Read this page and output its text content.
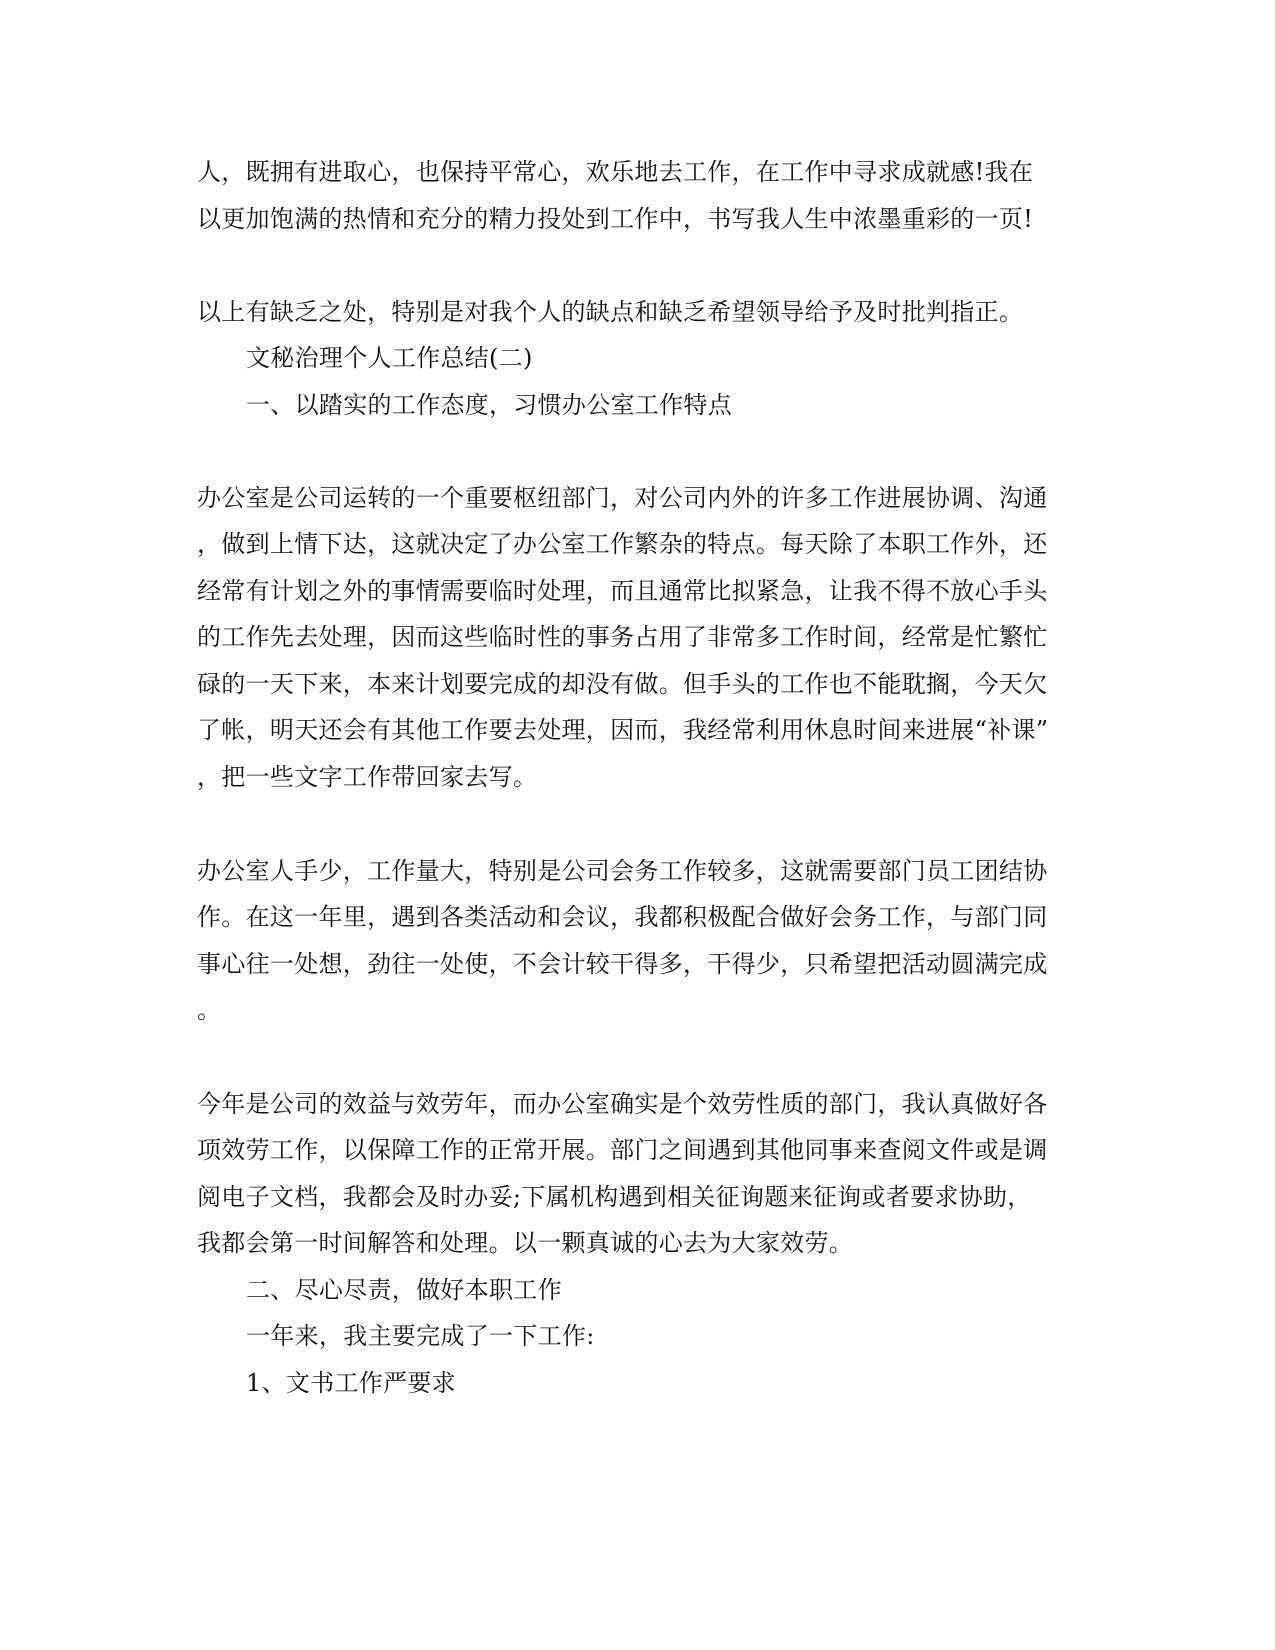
人，既拥有进取心，也保持平常心，欢乐地去工作，在工作中寻求成就感!我在

以更加饱满的热情和充分的精力投处到工作中，书写我人生中浓墨重彩的一页!

以上有缺乏之处，特别是对我个人的缺点和缺乏希望领导给予及时批判指正。

文秘治理个人工作总结(二)

一、以踏实的工作态度，习惯办公室工作特点

办公室是公司运转的一个重要枢纽部门，对公司内外的许多工作进展协调、沟通

，做到上情下达，这就决定了办公室工作繁杂的特点。每天除了本职工作外，还

经常有计划之外的事情需要临时处理，而且通常比拟紧急，让我不得不放心手头

的工作先去处理，因而这些临时性的事务占用了非常多工作时间，经常是忙繁忙

碌的一天下来，本来计划要完成的却没有做。但手头的工作也不能耽搁，今天欠

了帐，明天还会有其他工作要去处理，因而，我经常利用休息时间来进展“补课”

，把一些文字工作带回家去写。

办公室人手少，工作量大，特别是公司会务工作较多，这就需要部门员工团结协

作。在这一年里，遇到各类活动和会议，我都积极配合做好会务工作，与部门同

事心往一处想，劲往一处使，不会计较干得多，干得少，只希望把活动圆满完成

。

今年是公司的效益与效劳年，而办公室确实是个效劳性质的部门，我认真做好各

项效劳工作，以保障工作的正常开展。部门之间遇到其他同事来查阅文件或是调

阅电子文档，我都会及时办妥;下属机构遇到相关征询题来征询或者要求协助，

我都会第一时间解答和处理。以一颗真诚的心去为大家效劳。

二、尽心尽责，做好本职工作

一年来，我主要完成了一下工作:

1、文书工作严要求
